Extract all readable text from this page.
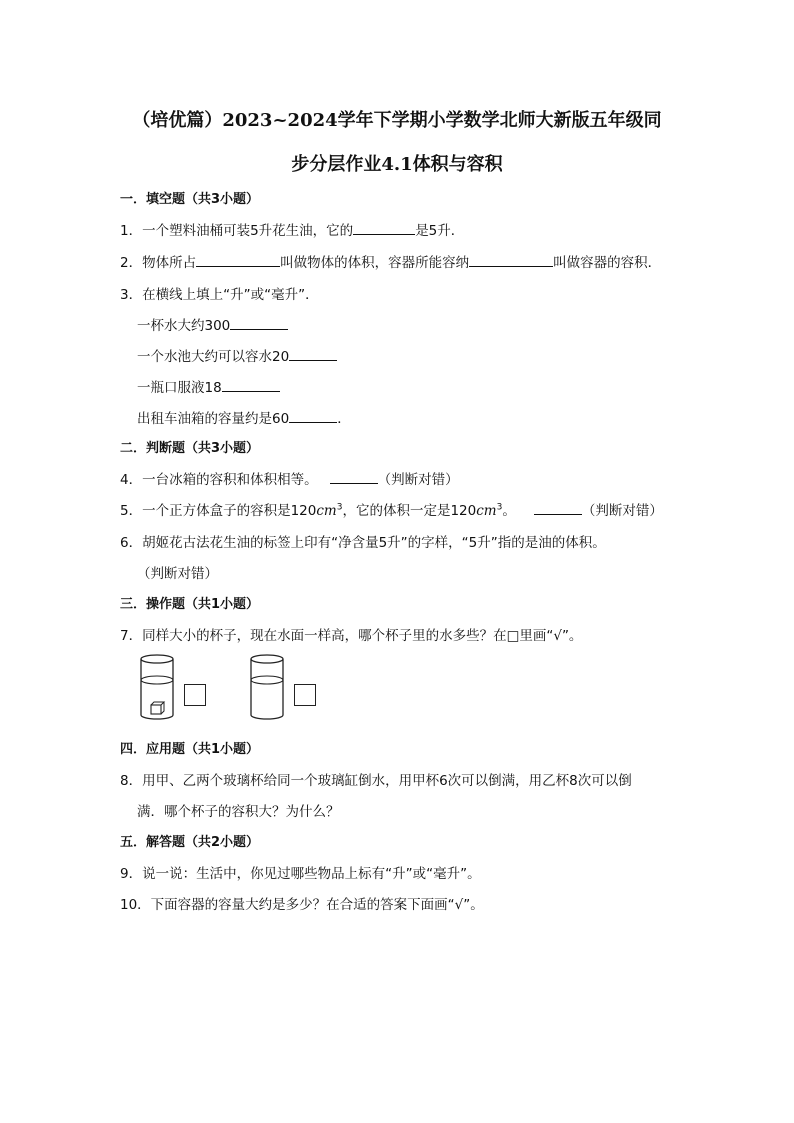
（培优篇）2023~2024学年下学期小学数学北师大新版五年级同
步分层作业4.1体积与容积
一．填空题（共3小题）
1．一个塑料油桶可装5升花生油，它的	是5升．
2．物体所占	叫做物体的体积，容器所能容纳	叫做容器的容积．
3．在横线上填上“升”或“毫升”．
一杯水大约300
一个水池大约可以容水20
一瓶口服液18
出租车油箱的容量约是60	．
二．判断题（共3小题）
4．一台冰箱的容积和体积相等。	（判断对错）
5．一个正方体盒子的容积是$120cm^3$，它的体积一定是$120cm^3$。	（判断对错）
6．胡姬花古法花生油的标签上印有“净含量5升”的字样，“5升”指的是油的体积。
（判断对错）
三．操作题（共1小题）
7．同样大小的杯子，现在水面一样高，哪个杯子里的水多些？在□里画“√”。
四．应用题（共1小题）
8．用甲、乙两个玻璃杯给同一个玻璃缸倒水，用甲杯6次可以倒满，用乙杯8次可以倒
满．哪个杯子的容积大？为什么？
五．解答题（共2小题）
9．说一说：生活中，你见过哪些物品上标有“升”或“毫升”。
10．下面容器的容量大约是多少？在合适的答案下面画“√”。
